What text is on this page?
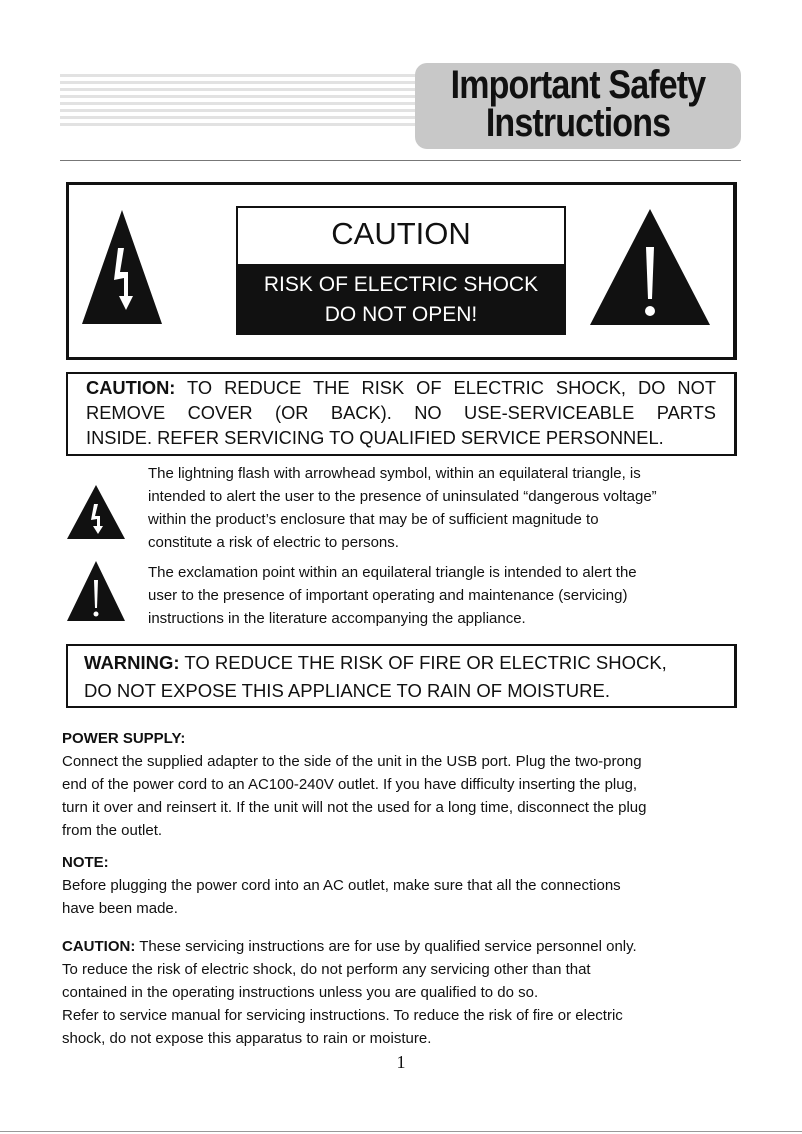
Important Safety
Instructions
CAUTION
RISK OF ELECTRIC SHOCK
DO NOT OPEN!

CAUTION: TO REDUCE THE RISK OF ELECTRIC SHOCK, DO NOT

REMOVE COVER (OR BACK). NO USE-SERVICEABLE PARTS

INSIDE. REFER SERVICING TO QUALIFIED SERVICE PERSONNEL.

The lightning flash with arrowhead symbol, within an equilateral triangle, is
intended to alert the user to the presence of uninsulated “dangerous voltage”
within the product’s enclosure that may be of sufficient magnitude to
constitute a risk of electric to persons.
The exclamation point within an equilateral triangle is intended to alert the
user to the presence of important operating and maintenance (servicing)
instructions in the literature accompanying the appliance.

WARNING: TO REDUCE THE RISK OF FIRE OR ELECTRIC SHOCK,

DO NOT EXPOSE THIS APPLIANCE TO RAIN OF MOISTURE.

POWER SUPPLY:

Connect the supplied adapter to the side of the unit in the USB port. Plug the two-prong

end of the power cord to an AC100-240V outlet. If you have difficulty inserting the plug,

turn it over and reinsert it. If the unit will not the used for a long time, disconnect the plug

from the outlet.

NOTE:

Before plugging the power cord into an AC outlet, make sure that all the connections

have been made.

CAUTION: These servicing instructions are for use by qualified service personnel only.

To reduce the risk of electric shock, do not perform any servicing other than that

contained in the operating instructions unless you are qualified to do so.

Refer to service manual for servicing instructions. To reduce the risk of fire or electric

shock, do not expose this apparatus to rain or moisture.

1
